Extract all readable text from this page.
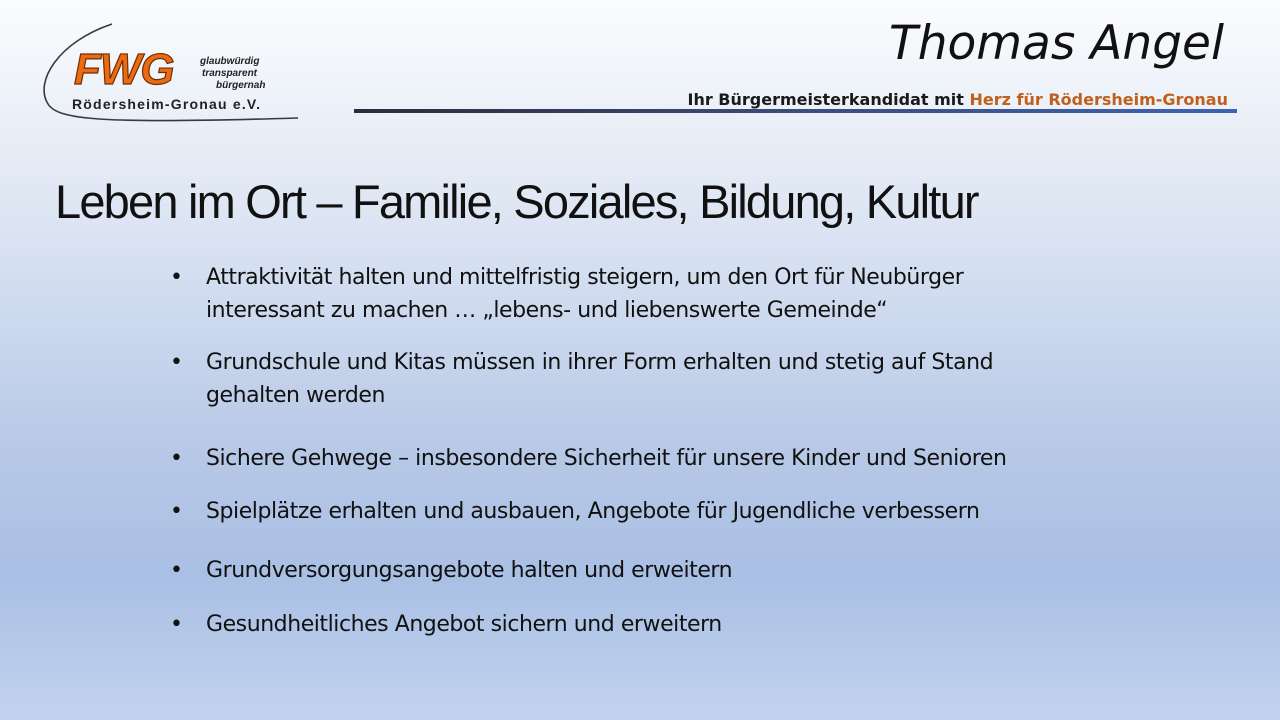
FWG	glaubwürdig
transparent
bürgernah
Rödersheim-Gronau e.V.
Thomas Angel
Ihr Bürgermeisterkandidat mit Herz für Rödersheim-Gronau
Leben im Ort – Familie, Soziales, Bildung, Kultur
• Attraktivität halten und mittelfristig steigern, um den Ort für Neubürger
interessant zu machen … „lebens- und liebenswerte Gemeinde“
• Grundschule und Kitas müssen in ihrer Form erhalten und stetig auf Stand
gehalten werden
• Sichere Gehwege – insbesondere Sicherheit für unsere Kinder und Senioren
• Spielplätze erhalten und ausbauen, Angebote für Jugendliche verbessern
• Grundversorgungsangebote halten und erweitern
• Gesundheitliches Angebot sichern und erweitern
